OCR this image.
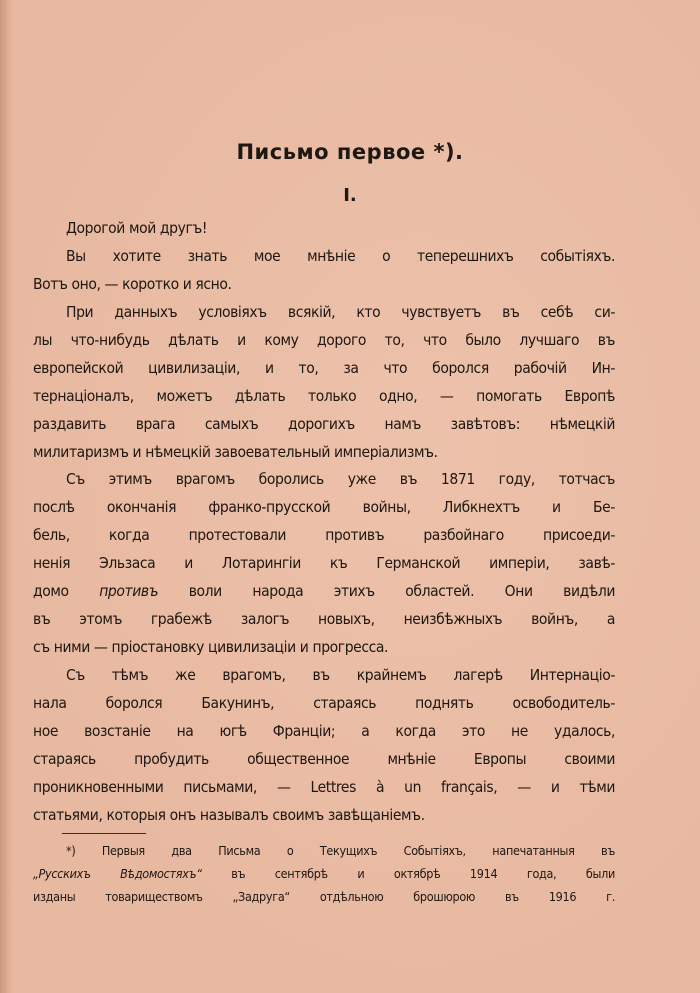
Письмо первое *).
I.
Дорогой мой другъ!
Вы хотите знать мое мнѣніе о теперешнихъ событіяхъ.
Вотъ оно, — коротко и ясно.
При данныхъ условіяхъ всякій, кто чувствуетъ въ себѣ си-
лы что-нибудь дѣлать и кому дорого то, что было лучшаго въ
европейской цивилизаціи, и то, за что боролся рабочій Ин-
тернаціоналъ, можетъ дѣлать только одно, — помогать Европѣ
раздавить врага самыхъ дорогихъ намъ завѣтовъ: нѣмецкій
милитаризмъ и нѣмецкій завоевательный имперіализмъ.
Съ этимъ врагомъ боролись уже въ 1871 году, тотчасъ
послѣ окончанія франко-прусской войны, Либкнехтъ и Бе-
бель, когда протестовали противъ разбойнаго присоеди-
ненія Эльзаса и Лотарингіи къ Германской имперіи, завѣ-
домо противъ воли народа этихъ областей. Они видѣли
въ этомъ грабежѣ залогъ новыхъ, неизбѣжныхъ войнъ, а
съ ними — пріостановку цивилизаціи и прогресса.
Съ тѣмъ же врагомъ, въ крайнемъ лагерѣ Интернаціо-
нала боролся Бакунинъ, стараясь поднять освободитель-
ное возстаніе на югѣ Франціи; а когда это не удалось,
стараясь пробудить общественное мнѣніе Европы своими
проникновенными письмами, — Lettres à un français, — и тѣми
статьями, которыя онъ называлъ своимъ завѣщаніемъ.
*) Первыя два Письма о Текущихъ Событіяхъ, напечатанныя въ
„Русскихъ Вѣдомостяхъ“ въ сентябрѣ и октябрѣ 1914 года, были
изданы товариществомъ „Задруга“ отдѣльною брошюрою въ 1916 г.
